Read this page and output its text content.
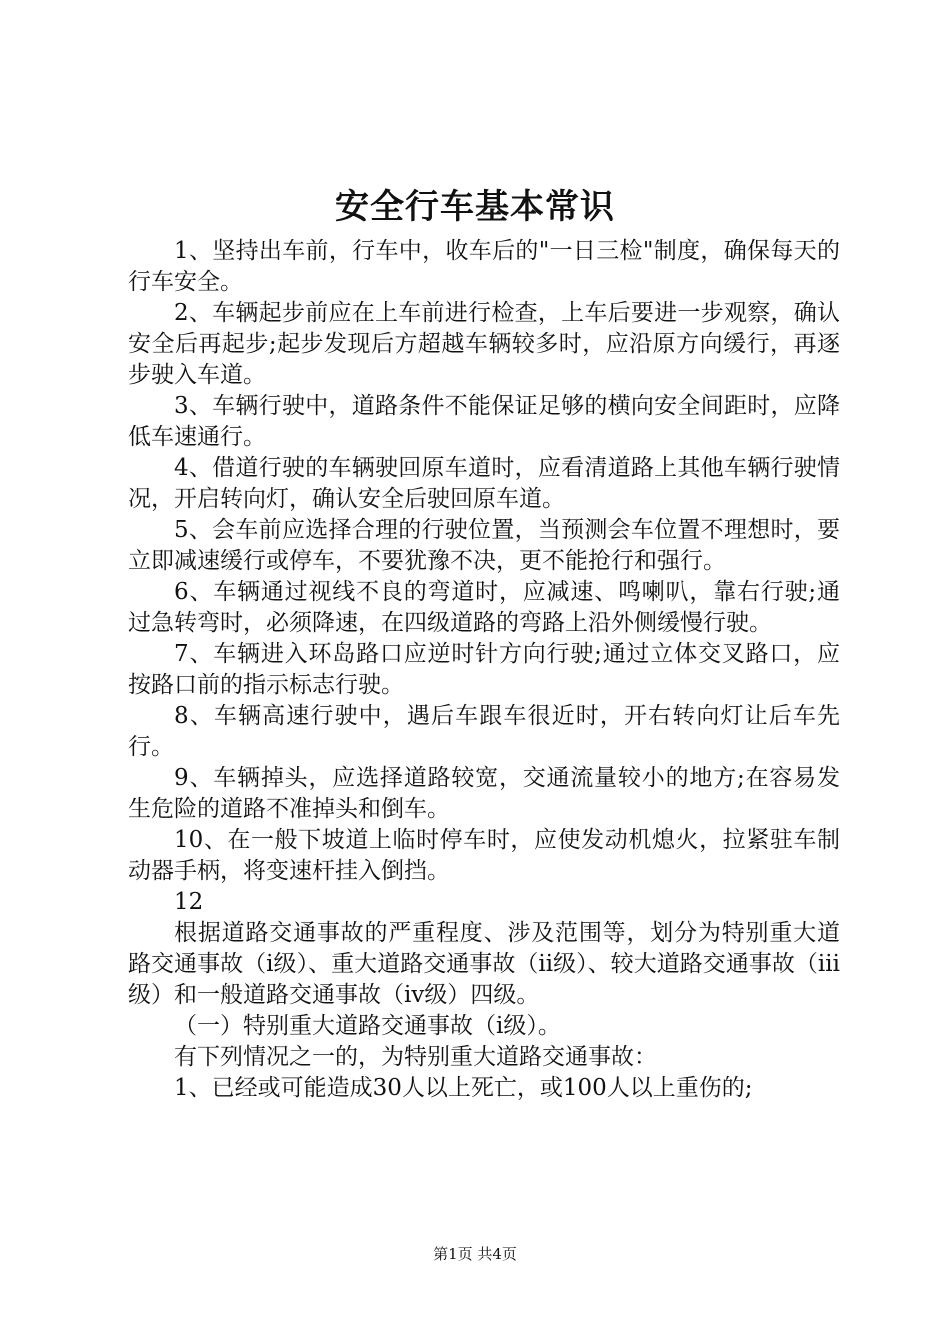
安全行车基本常识

1、坚持出车前，行车中，收车后的"一日三检"制度，确保每天的行车安全。

2、车辆起步前应在上车前进行检查，上车后要进一步观察，确认安全后再起步;起步发现后方超越车辆较多时，应沿原方向缓行，再逐步驶入车道。

3、车辆行驶中，道路条件不能保证足够的横向安全间距时，应降低车速通行。

4、借道行驶的车辆驶回原车道时，应看清道路上其他车辆行驶情况，开启转向灯，确认安全后驶回原车道。

5、会车前应选择合理的行驶位置，当预测会车位置不理想时，要立即减速缓行或停车，不要犹豫不决，更不能抢行和强行。

6、车辆通过视线不良的弯道时，应减速、鸣喇叭，靠右行驶;通过急转弯时，必须降速，在四级道路的弯路上沿外侧缓慢行驶。

7、车辆进入环岛路口应逆时针方向行驶;通过立体交叉路口，应按路口前的指示标志行驶。

8、车辆高速行驶中，遇后车跟车很近时，开右转向灯让后车先行。

9、车辆掉头，应选择道路较宽，交通流量较小的地方;在容易发生危险的道路不准掉头和倒车。

10、在一般下坡道上临时停车时，应使发动机熄火，拉紧驻车制动器手柄，将变速杆挂入倒挡。

12

根据道路交通事故的严重程度、涉及范围等，划分为特别重大道路交通事故（ⅰ级）、重大道路交通事故（ⅱ级）、较大道路交通事故（ⅲ级）和一般道路交通事故（ⅳ级）四级。

（一）特别重大道路交通事故（ⅰ级）。

有下列情况之一的，为特别重大道路交通事故：

1、已经或可能造成30人以上死亡，或100人以上重伤的;

第1页 共4页
